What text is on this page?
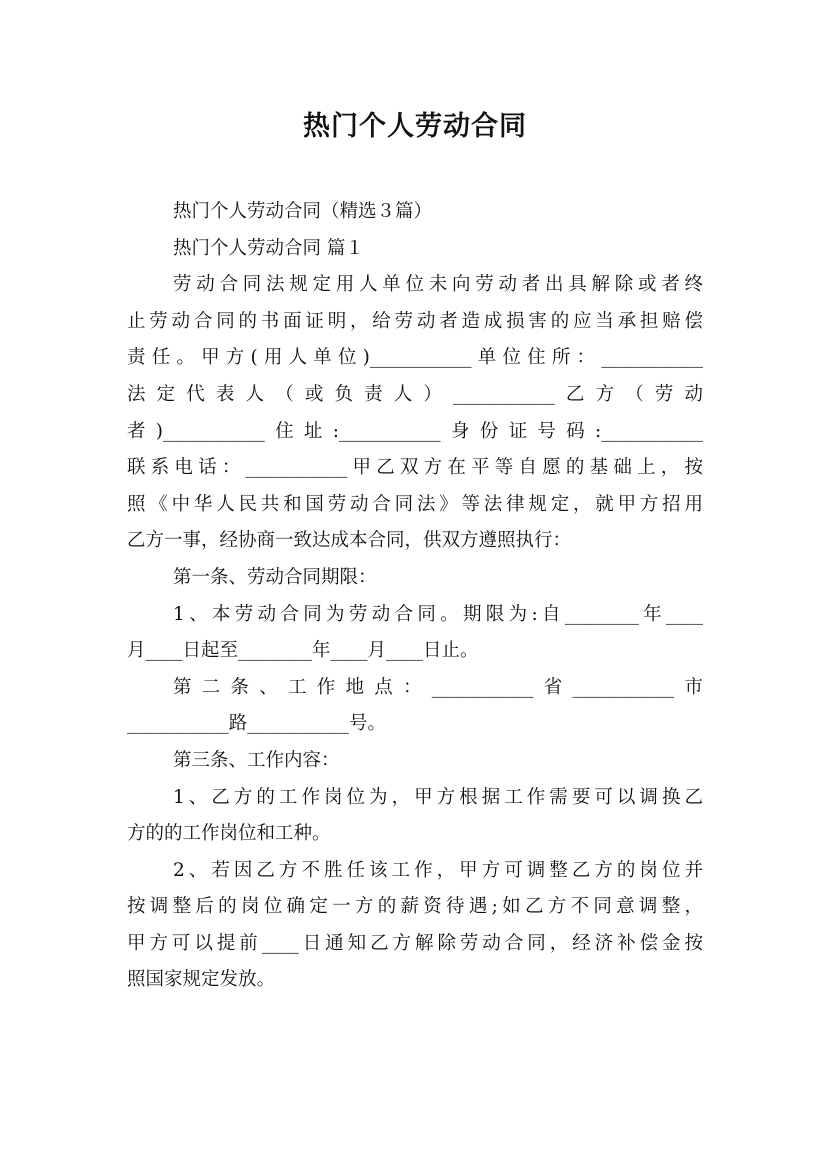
热门个人劳动合同
热门个人劳动合同（精选３篇）
热门个人劳动合同 篇１
劳动合同法规定用人单位未向劳动者出具解除或者终
止劳动合同的书面证明，给劳动者造成损害的应当承担赔偿
责任。甲方(用人单位)___________单位住所：___________
法定代表人（或负责人）___________乙方（劳动
者)___________住址:___________身份证号码:___________
联系电话：___________甲乙双方在平等自愿的基础上，按
照《中华人民共和国劳动合同法》等法律规定，就甲方招用
乙方一事，经协商一致达成本合同，供双方遵照执行：
第一条、劳动合同期限：
1、本劳动合同为劳动合同。期限为:自________年____
月____日起至________年____月____日止。
第二条、工作地点：___________省___________市
___________路___________号。
第三条、工作内容：
1、乙方的工作岗位为，甲方根据工作需要可以调换乙
方的的工作岗位和工种。
2、若因乙方不胜任该工作，甲方可调整乙方的岗位并
按调整后的岗位确定一方的薪资待遇;如乙方不同意调整，
甲方可以提前____日通知乙方解除劳动合同，经济补偿金按
照国家规定发放。
